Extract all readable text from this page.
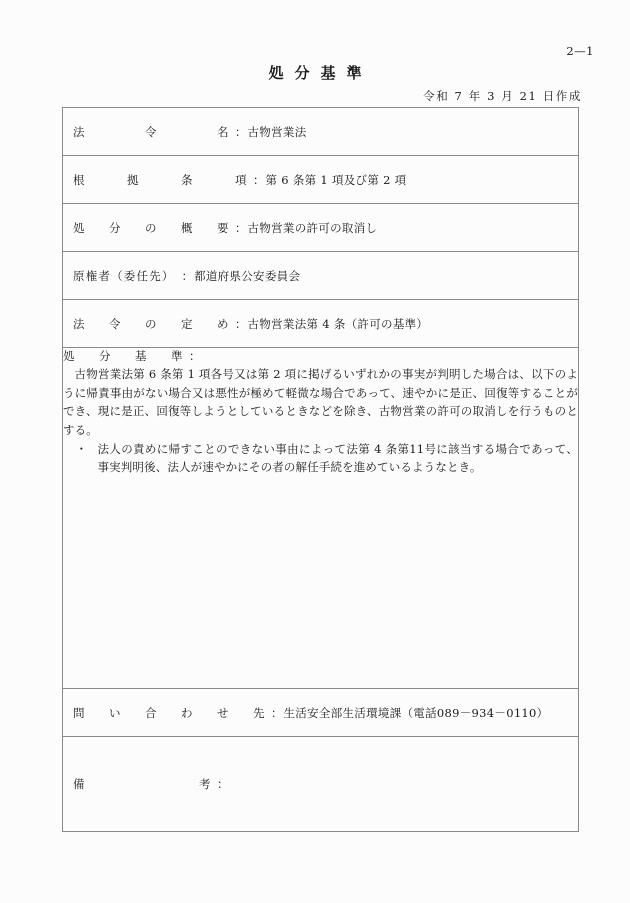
2—1
処分基準
令和 7 年 3 月 21 日作成
法　　　令　　　名 ： 古物営業法

根　　拠　　条　　項 ： 第 6 条第 1 項及び第 2 項

処　分　の　概　要 ： 古物営業の許可の取消し

原権者（委任先）　 ： 都道府県公安委員会

法　令　の　定　め ： 古物営業法第 4 条（許可の基準）

処　分　基　準：

古物営業法第 6 条第 1 項各号又は第 2 項に掲げるいずれかの事実が判明した場合は、以下のように帰責事由がない場合又は悪性が極めて軽微な場合であって、速やかに是正、回復等することができ、現に是正、回復等しようとしているときなどを除き、古物営業の許可の取消しを行うものとする。

・ 法人の責めに帰すことのできない事由によって法第 4 条第11号に該当する場合であって、事実判明後、法人が速やかにその者の解任手続を進めているようなとき。

問　い　合　わ　せ　先 ： 生活安全部生活環境課（電話089－934－0110）

備　　　　　　考 ：
